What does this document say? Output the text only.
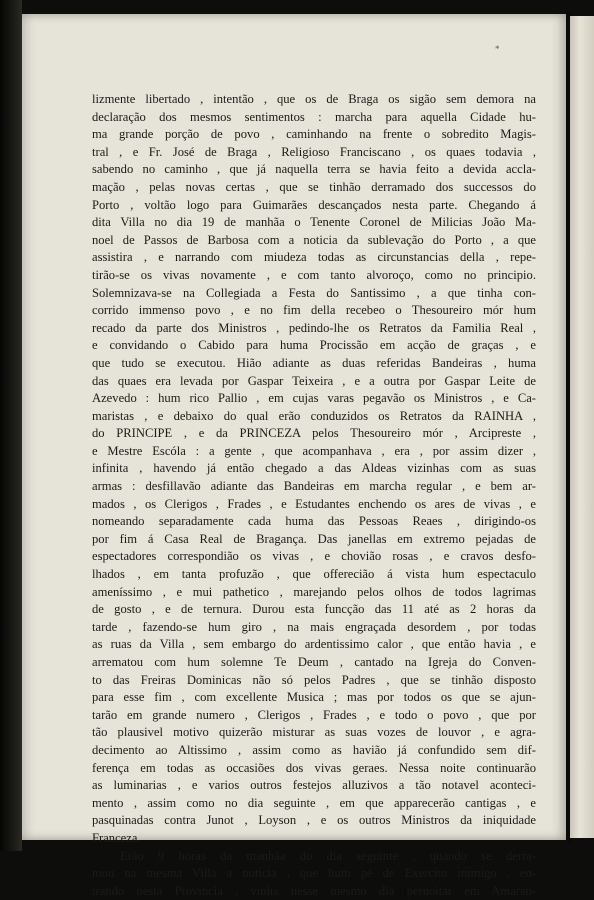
*
lizmente libertado , intentão , que os de Braga os sigão sem demora na
declaração dos mesmos sentimentos : marcha para aquella Cidade hu-
ma grande porção de povo , caminhando na frente o sobredito Magis-
tral , e Fr. José de Braga , Religioso Franciscano , os quaes todavia ,
sabendo no caminho , que já naquella terra se havia feito a devida accla-
mação , pelas novas certas , que se tinhão derramado dos successos do
Porto , voltão logo para Guimarães descançados nesta parte. Chegando á
dita Villa no dia 19 de manhãa o Tenente Coronel de Milicias João Ma-
noel de Passos de Barbosa com a noticia da sublevação do Porto , a que
assistira , e narrando com miudeza todas as circunstancias della , repe-
tirão-se os vivas novamente , e com tanto alvoroço, como no principio.
Solemnizava-se na Collegiada a Festa do Santissimo , a que tinha con-
corrido immenso povo , e no fim della recebeo o Thesoureiro mór hum
recado da parte dos Ministros , pedindo-lhe os Retratos da Familia Real ,
e convidando o Cabido para huma Procissão em acção de graças , e
que tudo se executou. Hião adiante as duas referidas Bandeiras , huma
das quaes era levada por Gaspar Teixeira , e a outra por Gaspar Leite de
Azevedo : hum rico Pallio , em cujas varas pegavão os Ministros , e Ca-
maristas , e debaixo do qual erão conduzidos os Retratos da RAINHA ,
do PRINCIPE , e da PRINCEZA pelos Thesoureiro mór , Arcipreste ,
e Mestre Escóla : a gente , que acompanhava , era , por assim dizer ,
infinita , havendo já então chegado a das Aldeas vizinhas com as suas
armas : desfillavão adiante das Bandeiras em marcha regular , e bem ar-
mados , os Clerigos , Frades , e Estudantes enchendo os ares de vivas , e
nomeando separadamente cada huma das Pessoas Reaes , dirigindo-os
por fim á Casa Real de Bragança. Das janellas em extremo pejadas de
espectadores correspondião os vivas , e chovião rosas , e cravos desfo-
lhados , em tanta profuzão , que offerecião á vista hum espectaculo
ameníssimo , e mui pathetico , marejando pelos olhos de todos lagrimas
de gosto , e de ternura. Durou esta funcção das 11 até as 2 horas da
tarde , fazendo-se hum giro , na mais engraçada desordem , por todas
as ruas da Villa , sem embargo do ardentissimo calor , que então havia , e
arrematou com hum solemne Te Deum , cantado na Igreja do Conven-
to das Freiras Dominicas não só pelos Padres , que se tinhão disposto
para esse fim , com excellente Musica ; mas por todos os que se ajun-
tarão em grande numero , Clerigos , Frades , e todo o povo , que por
tão plausivel motivo quizerão misturar as suas vozes de louvor , e agra-
decimento ao Altissimo , assim como as havião já confundido sem dif-
ferença em todas as occasiões dos vivas geraes. Nessa noite continuarão
as luminarias , e varios outros festejos alluzivos a tão notavel aconteci-
mento , assim como no dia seguinte , em que apparecerão cantigas , e
pasquinadas contra Junot , Loyson , e os outros Ministros da iniquidade
Franceza.
Erão 9 horas da manhãa do dia seguinte , quando se derra-
mou na mesma Villa a noticia , que hum pé de Exercito inimigo , en-
trando nesta Provincia , vinha nesse mesmo dia pernoitar em Amaran-
